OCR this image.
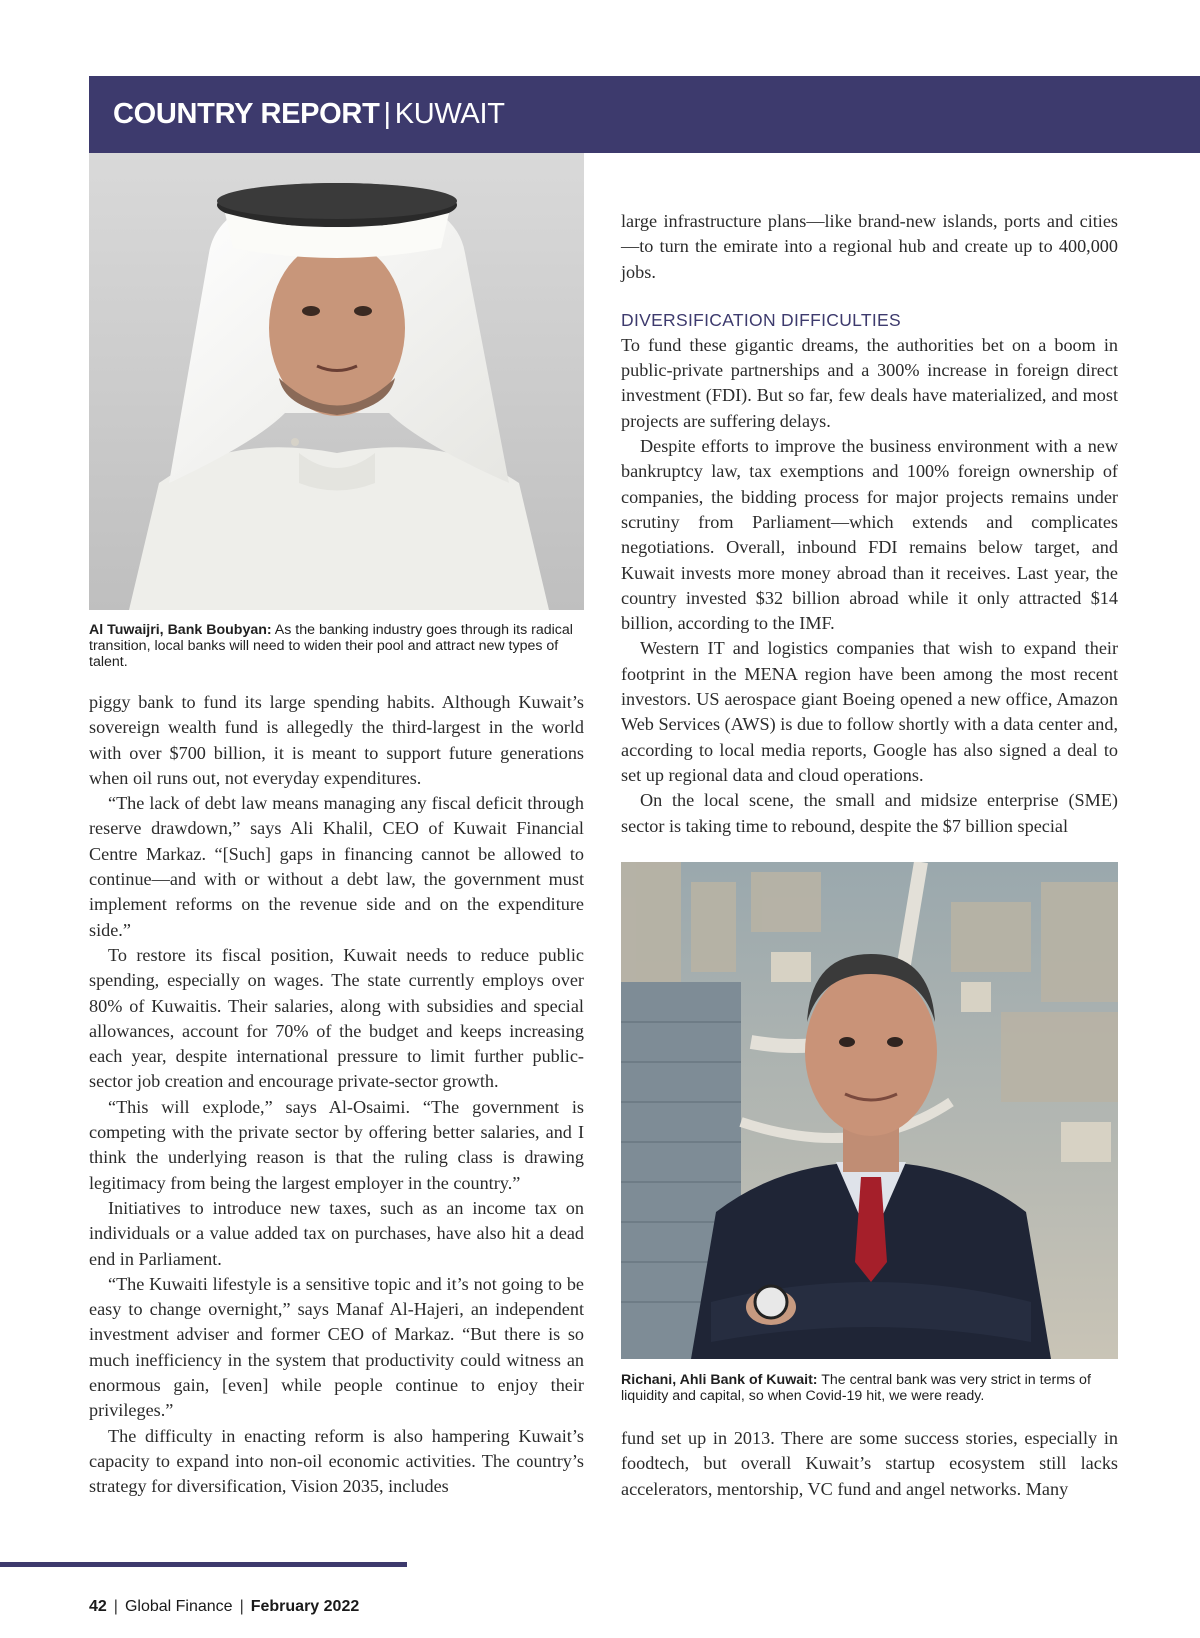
COUNTRY REPORT | KUWAIT
Al Tuwaijri, Bank Boubyan: As the banking industry goes through its radical transition, local banks will need to widen their pool and attract new types of talent.

piggy bank to fund its large spending habits. Although Kuwait’s sovereign wealth fund is allegedly the third-largest in the world with over $700 billion, it is meant to support future generations when oil runs out, not everyday expenditures.

“The lack of debt law means managing any fiscal deficit through reserve drawdown,” says Ali Khalil, CEO of Kuwait Financial Centre Markaz. “[Such] gaps in financing cannot be allowed to continue—and with or without a debt law, the government must implement reforms on the revenue side and on the expenditure side.”

To restore its fiscal position, Kuwait needs to reduce public spending, especially on wages. The state currently employs over 80% of Kuwaitis. Their salaries, along with subsidies and special allowances, account for 70% of the budget and keeps increasing each year, despite international pressure to limit further public-sector job creation and encourage private-sector growth.

“This will explode,” says Al-Osaimi. “The government is competing with the private sector by offering better salaries, and I think the underlying reason is that the ruling class is drawing legitimacy from being the largest employer in the country.”

Initiatives to introduce new taxes, such as an income tax on individuals or a value added tax on purchases, have also hit a dead end in Parliament.

“The Kuwaiti lifestyle is a sensitive topic and it’s not going to be easy to change overnight,” says Manaf Al-Hajeri, an independent investment adviser and former CEO of Markaz. “But there is so much inefficiency in the system that productivity could witness an enormous gain, [even] while people continue to enjoy their privileges.”

The difficulty in enacting reform is also hampering Kuwait’s capacity to expand into non-oil economic activities. The country’s strategy for diversification, Vision 2035, includes

large infrastructure plans—like brand-new islands, ports and cities—to turn the emirate into a regional hub and create up to 400,000 jobs.

DIVERSIFICATION DIFFICULTIES

To fund these gigantic dreams, the authorities bet on a boom in public-private partnerships and a 300% increase in foreign direct investment (FDI). But so far, few deals have materialized, and most projects are suffering delays.

Despite efforts to improve the business environment with a new bankruptcy law, tax exemptions and 100% foreign ownership of companies, the bidding process for major projects remains under scrutiny from Parliament—which extends and complicates negotiations. Overall, inbound FDI remains below target, and Kuwait invests more money abroad than it receives. Last year, the country invested $32 billion abroad while it only attracted $14 billion, according to the IMF.

Western IT and logistics companies that wish to expand their footprint in the MENA region have been among the most recent investors. US aerospace giant Boeing opened a new office, Amazon Web Services (AWS) is due to follow shortly with a data center and, according to local media reports, Google has also signed a deal to set up regional data and cloud operations.

On the local scene, the small and midsize enterprise (SME) sector is taking time to rebound, despite the $7 billion special

Richani, Ahli Bank of Kuwait: The central bank was very strict in terms of liquidity and capital, so when Covid-19 hit, we were ready.

fund set up in 2013. There are some success stories, especially in foodtech, but overall Kuwait’s startup ecosystem still lacks accelerators, mentorship, VC fund and angel networks. Many

42 | Global Finance | February 2022
